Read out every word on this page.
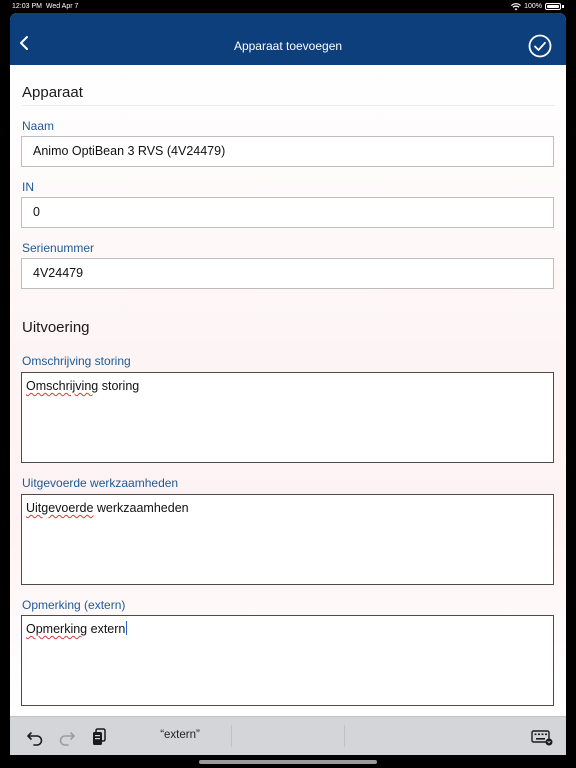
12:03 PM Wed Apr 7	100%
Apparaat toevoegen
Apparaat
Naam
Animo OptiBean 3 RVS (4V24479)
IN
0
Serienummer
4V24479
Uitvoering
Omschrijving storing
Omschrijving storing
Uitgevoerde werkzaamheden
Uitgevoerde werkzaamheden
Opmerking (extern)
Opmerking extern
“extern”
